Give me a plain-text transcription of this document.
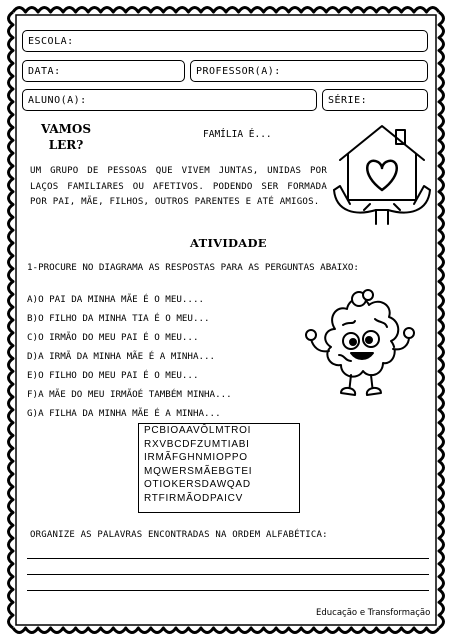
ESCOLA:
DATA:	PROFESSOR(A):
ALUNO(A):	SÉRIE:
VAMOS
LER?
FAMÍLIA É...
UM GRUPO DE PESSOAS QUE VIVEM JUNTAS, UNIDAS POR LAÇOS FAMILIARES OU AFETIVOS. PODENDO SER FORMADA POR PAI, MÃE, FILHOS, OUTROS PARENTES E ATÉ AMIGOS.
ATIVIDADE
1-PROCURE NO DIAGRAMA AS RESPOSTAS PARA AS PERGUNTAS ABAIXO:
A)O PAI DA MINHA MÃE É O MEU....
B)O FILHO DA MINHA TIA É O MEU...
C)O IRMÃO DO MEU PAI É O MEU...
D)A IRMÃ DA MINHA MÃE É A MINHA...
E)O FILHO DO MEU PAI É O MEU...
F)A MÃE DO MEU IRMÃOÉ TAMBÉM MINHA...
G)A FILHA DA MINHA MÃE É A MINHA...
PCBIOAAVÔLMTROI
RXVBCDFZUMTIABI
IRMÃFGHNMIOPPO
MQWERSMÃEBGTEI
OTIOKERSDAWQAD
RTFIRMÃODPAICV
ORGANIZE AS PALAVRAS ENCONTRADAS NA ORDEM ALFABÉTICA:
Educação e Transformação
